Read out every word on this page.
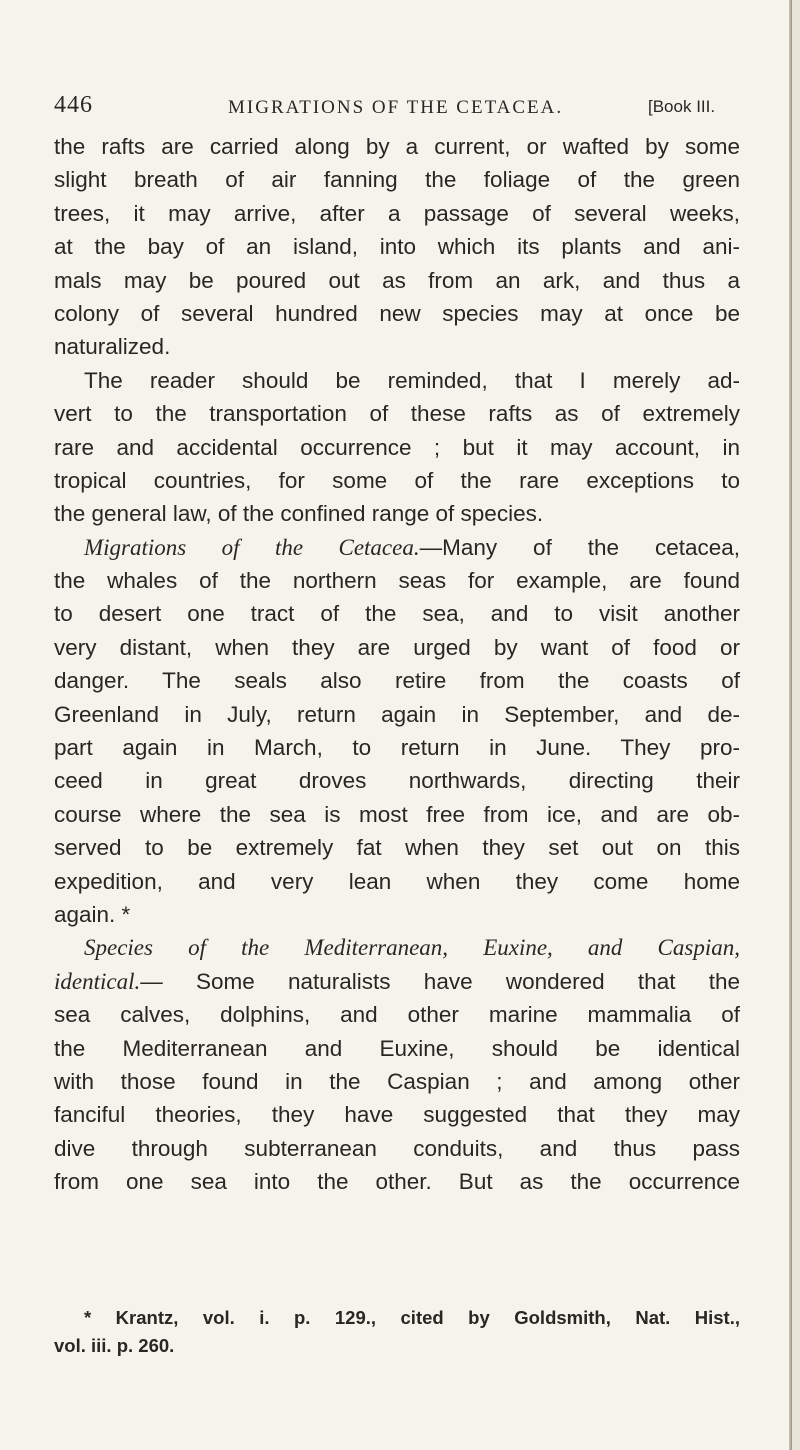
446	MIGRATIONS OF THE CETACEA.	[Book III.
the rafts are carried along by a current, or wafted by some
slight breath of air fanning the foliage of the green
trees, it may arrive, after a passage of several weeks,
at the bay of an island, into which its plants and ani-
mals may be poured out as from an ark, and thus a
colony of several hundred new species may at once be
naturalized.
The reader should be reminded, that I merely ad-
vert to the transportation of these rafts as of extremely
rare and accidental occurrence ; but it may account, in
tropical countries, for some of the rare exceptions to
the general law, of the confined range of species.
Migrations of the Cetacea.—Many of the cetacea,
the whales of the northern seas for example, are found
to desert one tract of the sea, and to visit another
very distant, when they are urged by want of food or
danger. The seals also retire from the coasts of
Greenland in July, return again in September, and de-
part again in March, to return in June. They pro-
ceed in great droves northwards, directing their
course where the sea is most free from ice, and are ob-
served to be extremely fat when they set out on this
expedition, and very lean when they come home
again. *
Species of the Mediterranean, Euxine, and Caspian,
identical.— Some naturalists have wondered that the
sea calves, dolphins, and other marine mammalia of
the Mediterranean and Euxine, should be identical
with those found in the Caspian ; and among other
fanciful theories, they have suggested that they may
dive through subterranean conduits, and thus pass
from one sea into the other. But as the occurrence
* Krantz, vol. i. p. 129., cited by Goldsmith, Nat. Hist.,
vol. iii. p. 260.
